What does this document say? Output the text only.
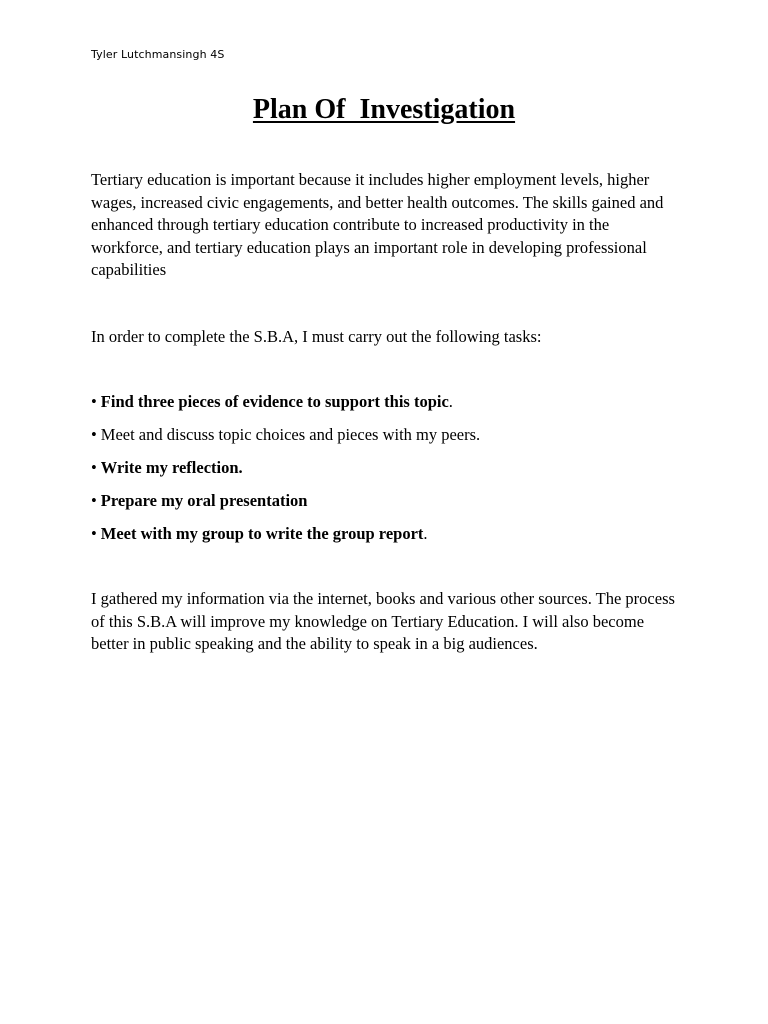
Tyler Lutchmansingh 4S
Plan Of  Investigation

Tertiary education is important because it includes higher employment levels, higher wages, increased civic engagements, and better health outcomes. The skills gained and enhanced through tertiary education contribute to increased productivity in the workforce, and tertiary education plays an important role in developing professional capabilities

In order to complete the S.B.A, I must carry out the following tasks:

• Find three pieces of evidence to support this topic.
• Meet and discuss topic choices and pieces with my peers.
• Write my reflection.
• Prepare my oral presentation
• Meet with my group to write the group report.

I gathered my information via the internet, books and various other sources. The process of this S.B.A will improve my knowledge on Tertiary Education. I will also become better in public speaking and the ability to speak in a big audiences.
